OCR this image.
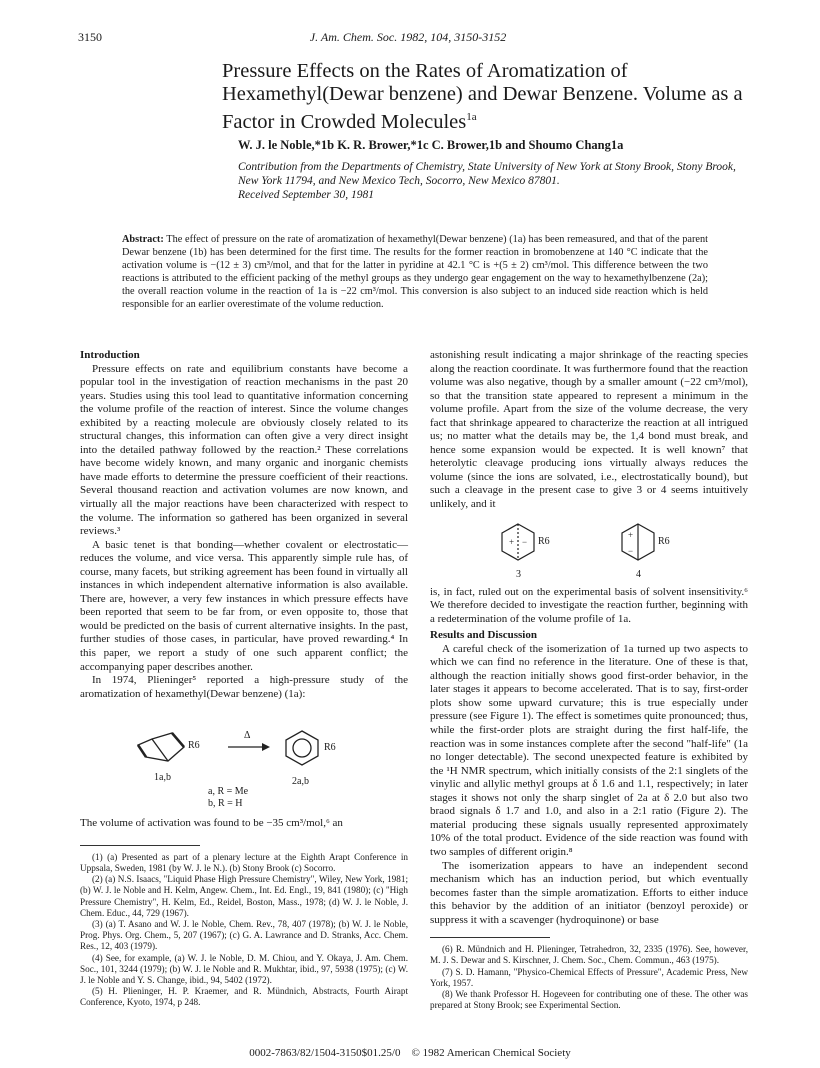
3150	J. Am. Chem. Soc. 1982, 104, 3150-3152
Pressure Effects on the Rates of Aromatization of Hexamethyl(Dewar benzene) and Dewar Benzene. Volume as a Factor in Crowded Molecules$^{1a}$
W. J. le Noble,*1b K. R. Brower,*1c C. Brower,1b and Shoumo Chang1a
Contribution from the Departments of Chemistry, State University of New York at Stony Brook, Stony Brook, New York 11794, and New Mexico Tech, Socorro, New Mexico 87801.
Received September 30, 1981
Abstract: The effect of pressure on the rate of aromatization of hexamethyl(Dewar benzene) (1a) has been remeasured, and that of the parent Dewar benzene (1b) has been determined for the first time. The results for the former reaction in bromobenzene at 140 °C indicate that the activation volume is −(12 ± 3) cm³/mol, and that for the latter in pyridine at 42.1 °C is +(5 ± 2) cm³/mol. This difference between the two reactions is attributed to the efficient packing of the methyl groups as they undergo gear engagement on the way to hexamethylbenzene (2a); the overall reaction volume in the reaction of 1a is −22 cm³/mol. This conversion is also subject to an induced side reaction which is held responsible for an earlier overestimate of the volume reduction.
Introduction

Pressure effects on rate and equilibrium constants have become a popular tool in the investigation of reaction mechanisms in the past 20 years. Studies using this tool lead to quantitative information concerning the volume profile of the reaction of interest. Since the volume changes exhibited by a reacting molecule are obviously closely related to its structural changes, this information can often give a very direct insight into the detailed pathway followed by the reaction.² These correlations have become widely known, and many organic and inorganic chemists have made efforts to determine the pressure coefficient of their reactions. Several thousand reaction and activation volumes are now known, and virtually all the major reactions have been characterized with respect to the volume. The information so gathered has been organized in several reviews.³

A basic tenet is that bonding—whether covalent or electrostatic—reduces the volume, and vice versa. This apparently simple rule has, of course, many facets, but striking agreement has been found in virtually all instances in which independent alternative information is also available. There are, however, a very few instances in which pressure effects have been reported that seem to be far from, or even opposite to, those that would be predicted on the basis of current alternative insights. In the past, further studies of those cases, in particular, have proved rewarding.⁴ In this paper, we report a study of one such apparent conflict; the accompanying paper describes another.

In 1974, Plieninger⁵ reported a high-pressure study of the aromatization of hexamethyl(Dewar benzene) (1a):

R6
Δ
R6
1a,b	2a,b
a, R = Me
b, R = H

The volume of activation was found to be −35 cm³/mol,⁶ an

(1) (a) Presented as part of a plenary lecture at the Eighth Arapt Conference in Uppsala, Sweden, 1981 (by W. J. le N.). (b) Stony Brook (c) Socorro.

(2) (a) N.S. Isaacs, "Liquid Phase High Pressure Chemistry", Wiley, New York, 1981; (b) W. J. le Noble and H. Kelm, Angew. Chem., Int. Ed. Engl., 19, 841 (1980); (c) "High Pressure Chemistry", H. Kelm, Ed., Reidel, Boston, Mass., 1978; (d) W. J. le Noble, J. Chem. Educ., 44, 729 (1967).

(3) (a) T. Asano and W. J. le Noble, Chem. Rev., 78, 407 (1978); (b) W. J. le Noble, Prog. Phys. Org. Chem., 5, 207 (1967); (c) G. A. Lawrance and D. Stranks, Acc. Chem. Res., 12, 403 (1979).

(4) See, for example, (a) W. J. le Noble, D. M. Chiou, and Y. Okaya, J. Am. Chem. Soc., 101, 3244 (1979); (b) W. J. le Noble and R. Mukhtar, ibid., 97, 5938 (1975); (c) W. J. le Noble and Y. S. Change, ibid., 94, 5402 (1972).

(5) H. Plieninger, H. P. Kraemer, and R. Mündnich, Abstracts, Fourth Airapt Conference, Kyoto, 1974, p 248.

astonishing result indicating a major shrinkage of the reacting species along the reaction coordinate. It was furthermore found that the reaction volume was also negative, though by a smaller amount (−22 cm³/mol), so that the transition state appeared to represent a minimum in the volume profile. Apart from the size of the volume decrease, the very fact that shrinkage appeared to characterize the reaction at all intrigued us; no matter what the details may be, the 1,4 bond must break, and hence some expansion would be expected. It is well known⁷ that heterolytic cleavage producing ions virtually always reduces the volume (since the ions are solvated, i.e., electrostatically bound), but such a cleavage in the present case to give 3 or 4 seems intuitively unlikely, and it

+ −
+
−
R6	R6
3	4

is, in fact, ruled out on the experimental basis of solvent insensitivity.⁶ We therefore decided to investigate the reaction further, beginning with a redetermination of the volume profile of 1a.

Results and Discussion

A careful check of the isomerization of 1a turned up two aspects to which we can find no reference in the literature. One of these is that, although the reaction initially shows good first-order behavior, in the later stages it appears to become accelerated. That is to say, first-order plots show some upward curvature; this is true especially under pressure (see Figure 1). The effect is sometimes quite pronounced; thus, while the first-order plots are straight during the first half-life, the reaction was in some instances complete after the second "half-life" (1a no longer detectable). The second unexpected feature is exhibited by the ¹H NMR spectrum, which initially consists of the 2:1 singlets of the vinylic and allylic methyl groups at δ 1.6 and 1.1, respectively; in later stages it shows not only the sharp singlet of 2a at δ 2.0 but also two braod signals δ 1.7 and 1.0, and also in a 2:1 ratio (Figure 2). The material producing these signals usually represented approximately 10% of the total product. Evidence of the side reaction was found with two samples of different origin.⁸

The isomerization appears to have an independent second mechanism which has an induction period, but which eventually becomes faster than the simple aromatization. Efforts to either induce this behavior by the addition of an initiator (benzoyl peroxide) or suppress it with a scavenger (hydroquinone) or base

(6) R. Mündnich and H. Plieninger, Tetrahedron, 32, 2335 (1976). See, however, M. J. S. Dewar and S. Kirschner, J. Chem. Soc., Chem. Commun., 463 (1975).

(7) S. D. Hamann, "Physico-Chemical Effects of Pressure", Academic Press, New York, 1957.

(8) We thank Professor H. Hogeveen for contributing one of these. The other was prepared at Stony Brook; see Experimental Section.

0002-7863/82/1504-3150$01.25/0 © 1982 American Chemical Society
